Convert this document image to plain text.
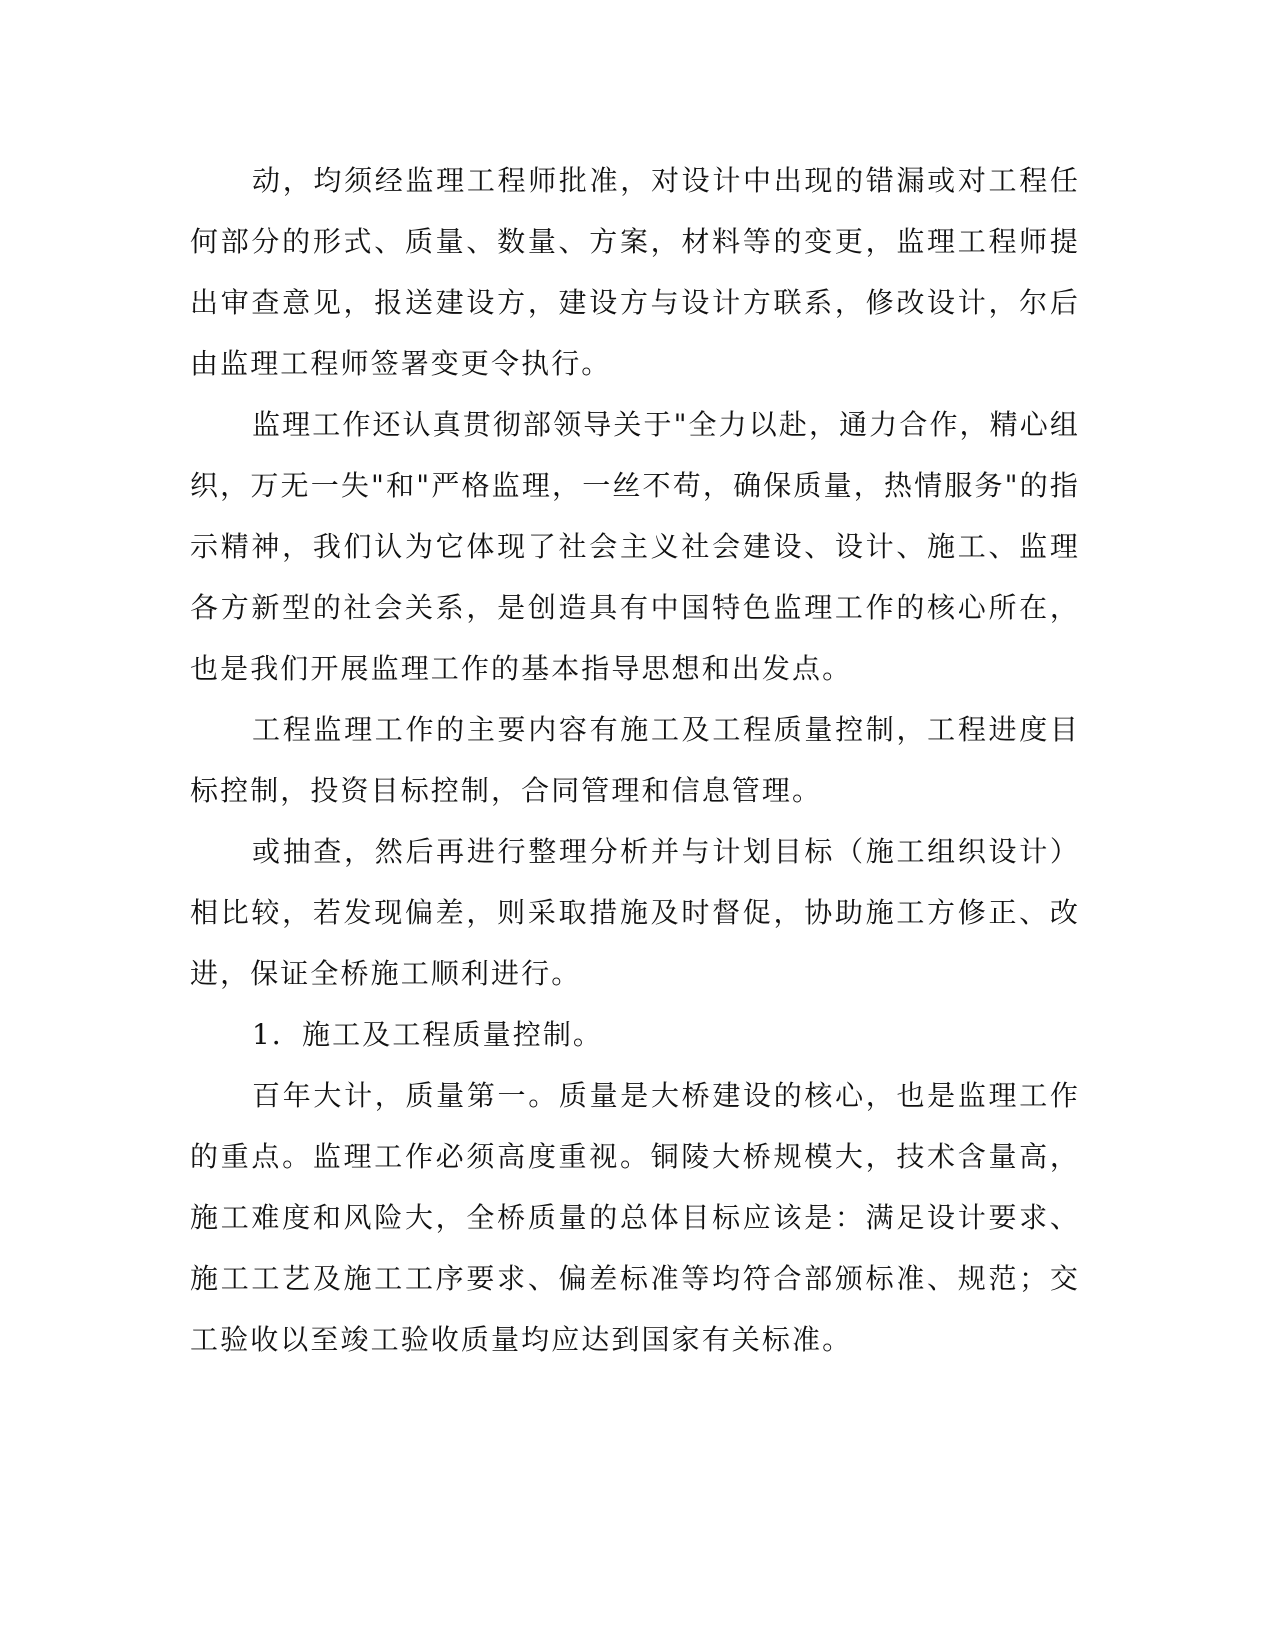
动，均须经监理工程师批准，对设计中出现的错漏或对工程任何部分的形式、质量、数量、方案，材料等的变更，监理工程师提出审查意见，报送建设方，建设方与设计方联系，修改设计，尔后由监理工程师签署变更令执行。

监理工作还认真贯彻部领导关于"全力以赴，通力合作，精心组织，万无一失"和"严格监理，一丝不苟，确保质量，热情服务"的指示精神，我们认为它体现了社会主义社会建设、设计、施工、监理各方新型的社会关系，是创造具有中国特色监理工作的核心所在，也是我们开展监理工作的基本指导思想和出发点。

工程监理工作的主要内容有施工及工程质量控制，工程进度目标控制，投资目标控制，合同管理和信息管理。

或抽查，然后再进行整理分析并与计划目标（施工组织设计）相比较，若发现偏差，则采取措施及时督促，协助施工方修正、改进，保证全桥施工顺利进行。

1．施工及工程质量控制。

百年大计，质量第一。质量是大桥建设的核心，也是监理工作的重点。监理工作必须高度重视。铜陵大桥规模大，技术含量高，施工难度和风险大，全桥质量的总体目标应该是：满足设计要求、施工工艺及施工工序要求、偏差标准等均符合部颁标准、规范；交工验收以至竣工验收质量均应达到国家有关标准。
